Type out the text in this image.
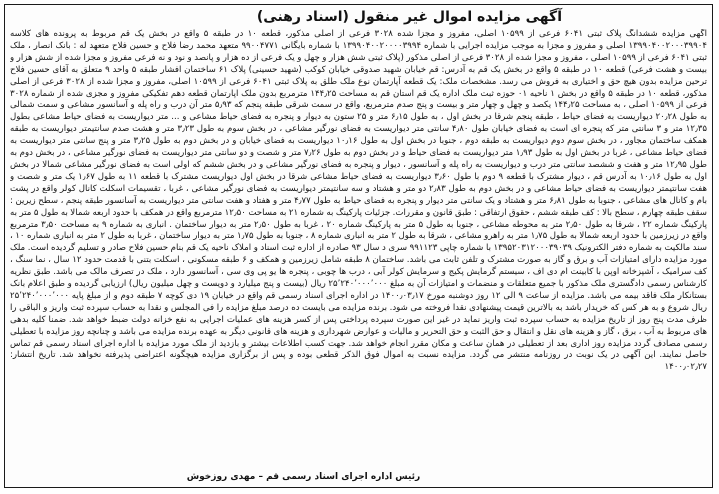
آگهی مزایده اموال غیر منقول (اسناد رهنی)
آگهی مزایده ششدانگ پلاک ثبتی ۶۰۴۱ فرعی از ۱۰۵۹۹ اصلی، مفروز و مجزا شده ۳۰۲۸ فرعی از اصلی مذکور، قطعه ۱۰ در طبقه ۵ واقع در بخش یک قم مربوط به پرونده های کلاسه ۱۳۹۹۰۴۰۰۲۰۰۰۳۹۹۰۴ اصلی و مفروز و مجزا به موجب مزایده اجرایی با شماره ۱۳۹۹۰۴۰۰۲۰۰۰۰۳۹۹۴ با شماره بایگانی ۹۹۰۰۴۷۷۱ متعهد محمد رضا فلاح و حسین فلاح متعهد له : بانک انصار ، ملک ثبتی ۶۰۴۱ فرعی از ۱۰۵۹۹ اصلی ، مفروز و مجزا شده از ۳۰۲۸ فرعی از اصلی مذکور (پلاک ثبتی شش هزار و چهل و یک فرعی از ده هزار و پانصد و نود و نه فرعی مفروز و مجزا شده از شش هزار و بیست و هشت فرعی) قطعه ۱۰ در طبقه ۵ واقع در بخش یک قم به آدرس: قم خیابان شهید صدوقی خیابان کوکب (شهید حسینی) پلاک ۶۱ ساختمان افشار طبقه ۵ واحد ۹ متعلق به آقای حسین فلاح ترحین مزایده بدون هیچ حق و اختیاری به فروش می رسد. مشخصات ملک: یک قطعه آپارتمان نوع ملک طلق به پلاک ثبتی ۶۰۴۱ فرعی از ۱۰۵۹۹ اصلی، مفروز و مجزا شده از ۳۰۲۸ فرعی از اصلی مذکور، قطعه ۱۰ در طبقه ۵ واقع در بخش ۱ ناحیه ۰۱ حوزه ثبت ملک اداره یک قم استان قم به مساحت ۱۴۴٫۲۵ مترمربع بدون ملک اپارتمان قطعه دهم تفکیکی مفروز و مجزی شده از شماره ۳۰۲۸ فرعی از ۱۰۵۹۹ اصلی ، به مساحت ۱۴۴٫۲۵ یکصد و چهل و چهار متر و بیست و پنج صدم مترمربع، واقع در سمت شرقی طبقه پنجم که ۵٫۹۳ متر آن درب و راه پله و آسانسور مشاعی و سمت شمالی به طول ۲۰٫۲۸ دیواریست به فضای حیاط ، طبقه پنجم شرقا در بخش اول ، به طول ۶٫۱۵ متر و ۲۵ ستون به دیوار و پنجره به فضای حیاط مشاعی و ... متر دیواریست به فضای حیاط مشاعی بطول ۱۲٫۳۵ متر و ۳ سانتی متر که پنجره ای است به فضای خیابان طول ۴٫۸۰ سانتی متر دیواریست به فضای نورگیر مشاعی ، در بخش سوم به طول ۳٫۲۳ متر و هشت صدم سانتیمتر دیواریست به طبقه همکف ساختمان مجاور ، در بخش سوم دوم دیواریست به طبقه دوم ، جنوبا در بخش اول به طول ۱۰٫۱۶ دیواریست به فضای خیابان و در بخش دوم به طول ۳٫۲۵ متر و پنج سانتی متر دیواریست به فضای حیاط مشاعی ، غربا در بخش اول به طول ۱٫۹۳ متر دیواریست به فضای حیاط و در بخش دوم به طول ۷٫۲۶ متر و شصت و دو سانتی متر دیواریست به فضای نورگیر مشاعی ، در بخش دوم به طول ۱۲٫۹۵ متر و هفت و ششصد سانتی متر درب و دیواریست به راه پله و آسانسور ، دیوار و پنجره به فضای نورگیر مشاعی و در بخش ششم که اولی است به فضای نورگیر مشاعی شمالا در بخش اول به طول ۱۰٫۱۶ به آدرس قم ، دیوار مشترک با قطعه ۹ دوم با طول ۳٫۶۰ دیواریست به فضای حیاط مشاعی شرقا در بخش اول دیواریست مشترک با قطعه ۱۱ به طول ۱٫۶۷ یک متر و شصت و هفت سانتیمتر دیواریست به فضای حیاط مشاعی و در بخش دوم به طول ۲٫۸۳ دو متر و هشتاد و سه سانتیمتر دیواریست به فضای نورگیر مشاعی ، غربا ، تقسیمات اسکلت کانال کولر واقع در پشت بام و کانال های مشاعی ، جنوبا به طول ۶٫۸۱ متر و هشتاد و یک سانتی متر دیوار و پنجره به فضای حیاط به طول ۴٫۷۷ متر و هفتاد و هفت سانتی متر دیواریست به آسانسور طبقه پنجم ، سطح زیرین : سقف طبقه چهارم ، سطح بالا : کف طبقه ششم ، حقوق ارتفاقی : طبق قانون و مقررات. جزئیات پارکینگ به شماره ۲۱ به مساحت ۱۲٫۵۰ مترمربع واقع در همکف با حدود اربعه شمالا به طول ۵ متر به پارکینگ شماره ۲۲ ، شرقا به طول ۲٫۵۰ متر به محوطه مشاعی ، جنوبا به طول ۵ متر به پارکینگ شماره ۲۰ ، غربا به طول ۲٫۵۰ متر به دیوار ساختمان . انباری به شماره ۹ به مساحت ۳٫۵۰ مترمربع واقع در زیرزمین با حدود اربعه شمالا به طول ۱٫۷۵ متر به راهرو مشاعی ، شرقا به طول ۲ متر به انباری شماره ۸ ، جنوبا به طول ۱٫۷۵ متر به دیوار ساختمان ، غربا به طول ۲ متر به انباری شماره ۱۰ ، سند مالکیت به شماره دفتر الکترونیک ۱۳۹۵۲۰۳۱۲۰۰۰۳۹۰۳۹ با شماره چاپی ۹۹۱۱۲۳ سری د سال ۹۳ صادره از اداره ثبت اسناد و املاک ناحیه یک قم بنام حسین فلاح صادر و تسلیم گردیده است. ملک مورد مزایده دارای امتیازات آب و برق و گاز به صورت مشترک و تلفن ثابت می باشد. ساختمان ۸ طبقه شامل زیرزمین و همکف و ۶ طبقه مسکونی ، اسکلت بتنی با قدمت حدود ۱۲ سال ، نما سنگ ، کف سرامیک ، آشپزخانه اوپن با کابینت ام دی اف ، سیستم گرمایش پکیج و سرمایش کولر آبی ، درب ها چوبی ، پنجره ها یو پی وی سی ، آسانسور دارد ، ملک در تصرف مالک می باشد. طبق نظریه کارشناس رسمی دادگستری ملک مذکور با جمیع متعلقات و منضمات و امتیازات آن به مبلغ ۲۵٬۲۴۰٬۰۰۰٬۰۰۰ ریال (بیست و پنج میلیارد و دویست و چهل میلیون ریال) ارزیابی گردیده و طبق اعلام بانک بستانکار ملک فاقد بیمه می باشد. مزایده از ساعت ۹ الی ۱۲ روز دوشنبه مورخ ۱۴۰۰٫۰۳٫۱۷ در اداره اجرای اسناد رسمی قم واقع در خیابان ۱۹ دی کوچه ۷ طبقه دوم و از مبلغ پایه ۲۵٬۲۴۰٬۰۰۰٬۰۰۰ ریال شروع و به هر کس که خریدار باشد به بالاترین قیمت پیشنهادی نقدا فروخته می شود. برنده مزایده می بایست ده درصد مبلغ مزایده را فی المجلس و نقدا به حساب سپرده ثبت واریز و الباقی را ظرف مدت پنج روز از تاریخ مزایده به حساب سپرده ثبت واریز نماید در غیر این صورت سپرده پرداختی پس از کسر هزینه های عملیات اجرایی به نفع خزانه دولت ضبط خواهد شد. ضمنا کلیه بدهی های مربوط به آب ، برق ، گاز و هزینه های نقل و انتقال و حق الثبت و حق التحریر و مالیات و عوارض شهرداری و هزینه های قانونی دیگر به عهده برنده مزایده می باشد و چنانچه روز مزایده با تعطیلی رسمی مصادف گردد مزایده روز اداری بعد از تعطیلی در همان ساعت و مکان مقرر انجام خواهد شد. جهت کسب اطلاعات بیشتر و بازدید از ملک مورد مزایده با اداره اجرای اسناد رسمی قم تماس حاصل نمایند. این آگهی در یک نوبت در روزنامه منتشر می گردد. مزایده نسبت به اموال فوق الذکر قطعی بوده و پس از برگزاری مزایده هیچگونه اعتراضی پذیرفته نخواهد شد. تاریخ انتشار: ۱۴۰۰٫۰۲٫۲۷
رئیس اداره اجرای اسناد رسمی قم – مهدی روزخوش
